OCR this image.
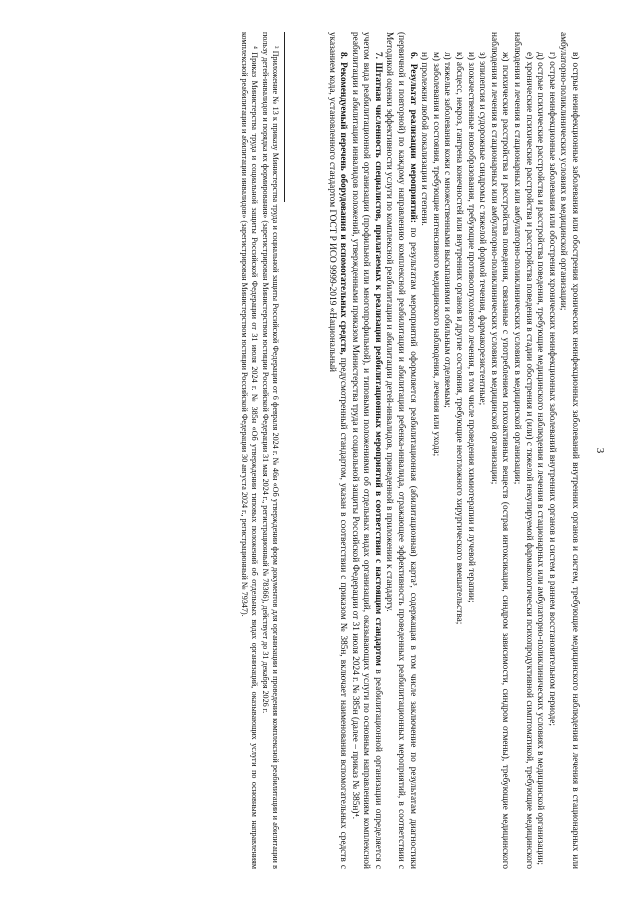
3

в) острые неинфекционные заболевания или обострения хронических неинфекционных заболеваний внутренних органов и систем, требующие медицинского наблюдения и лечения в стационарных или амбулаторно-поликлинических условиях в медицинской организации;

г) острые неинфекционные заболевания или обострения хронических неинфекционных заболеваний внутренних органов и систем в раннем восстановительном периоде;

д) острые психические расстройства и расстройства поведения, требующие медицинского наблюдения и лечения в стационарных или амбулаторно-поликлинических условиях в медицинской организации;

е) хронические психические расстройства и расстройства поведения в стадии обострения и (или) с тяжелой некупируемой фармакологически психопродуктивной симптоматикой, требующие медицинского наблюдения и лечения в стационарных или амбулаторно-поликлинических условиях в медицинской организации;

ж) психические расстройства и расстройства поведения, связанные с употреблением психоактивных веществ (острая интоксикация, синдром зависимости, синдром отмены), требующие медицинского наблюдения и лечения в стационарных или амбулаторно-поликлинических условиях в медицинской организации;

з) эпилепсия и судорожные синдромы с тяжелой формой течения, фармакорезистентные;

и) злокачественные новообразования, требующие противоопухолевого лечения, в том числе проведения химиотерапии и лучевой терапии;

к) абсцесс, некроз, гангрена конечностей или внутренних органов и другие состояния, требующие неотложного хирургического вмешательства;

л) тяжелые заболевания кожи с множественными высыпаниями и обильным отделяемым;

м) заболевания и состояния, требующие интенсивного медицинского наблюдения, лечения или ухода;

н) пролежни любой локализации и степени.

6. Результат реализации мероприятий: по результатам мероприятий оформляется реабилитационная (абилитационная) карта³, содержащая в том числе заключение по результатам диагностики (первичной и повторной) по каждому направлению комплексной реабилитации и абилитации ребенка-инвалида, отражающее эффективность проведенных реабилитационных мероприятий, в соответствии с Методикой оценки эффективности услуги по комплексной реабилитации и абилитации детей-инвалидов, приведенной в приложении к стандарту.

7. Штатная численность специалистов, прилагаемых к реализации реабилитационных мероприятий в соответствии с настоящим стандартом в реабилитационной организации определяется с учетом вида реабилитационной организации (профильной или многопрофильной), и типовыми положениями об отдельных видах организаций, оказывающих услуги по основным направлениям комплексной реабилитации и абилитации инвалидов положений, утвержденными приказом Министерства труда и социальной защиты Российской Федерации от 31 июля 2024 г. № 385н (далее – приказ № 385н)⁴.

8. Рекомендуемый перечень оборудования и вспомогательных средств, предусмотренный стандартом, указан в соответствии с приказом № 385н, включает наименования вспомогательных средств с указанием кода, установленного стандартом ГОСТ Р ИСО 9999-2019 «Национальный

³ Приложение № 13 к приказу Министерства труда и социальной защиты Российской Федерации от 6 февраля 2024 г. № 46н «Об утверждении форм документов для организации и проведения комплексной реабилитации и абилитации в пользу детей-инвалидов и порядка их формирования» (зарегистрирован Министерством юстиции Российской Федерации 31 мая 2024 г., регистрационный № 78366), действует до 31 декабря 2026 г.

⁴ Приказ Министерства труда и социальной защиты Российской Федерации от 31 июля 2024 г. № 385н «Об утверждении типовых положений об отдельных видах организаций, оказывающих услуги по основным направлениям комплексной реабилитации и абилитации инвалидов» (зарегистрирован Министерством юстиции Российской Федерации 30 августа 2024 г., регистрационный № 79347).
